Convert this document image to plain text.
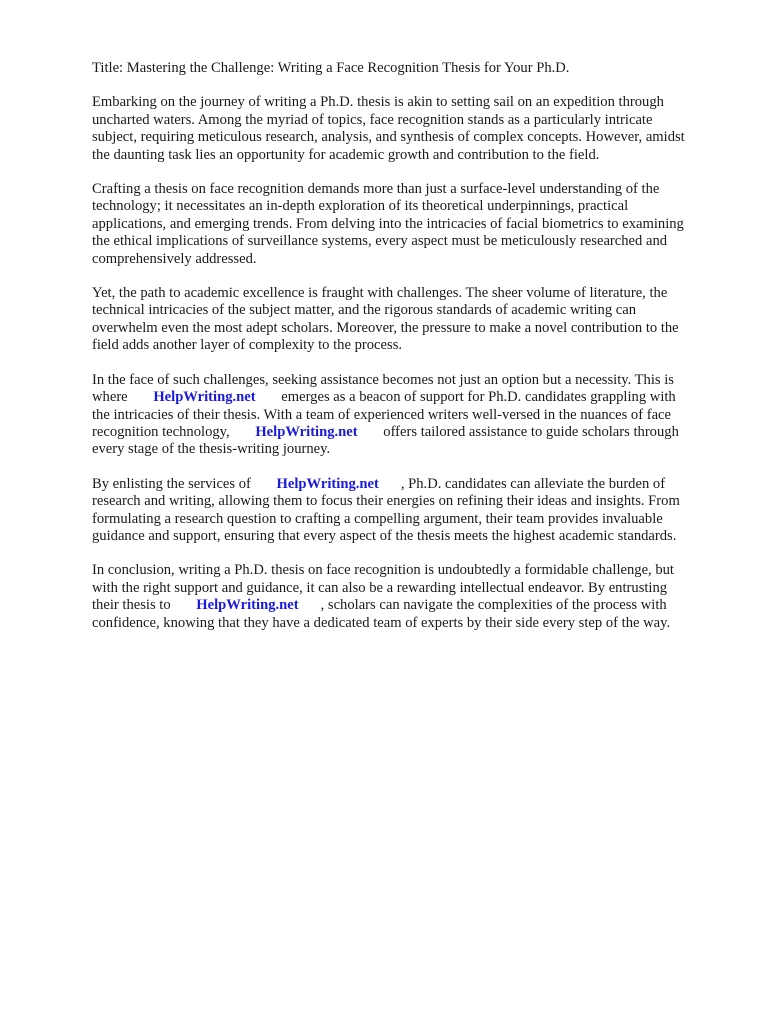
Title: Mastering the Challenge: Writing a Face Recognition Thesis for Your Ph.D.
Embarking on the journey of writing a Ph.D. thesis is akin to setting sail on an expedition through
uncharted waters. Among the myriad of topics, face recognition stands as a particularly intricate
subject, requiring meticulous research, analysis, and synthesis of complex concepts. However, amidst
the daunting task lies an opportunity for academic growth and contribution to the field.
Crafting a thesis on face recognition demands more than just a surface-level understanding of the
technology; it necessitates an in-depth exploration of its theoretical underpinnings, practical
applications, and emerging trends. From delving into the intricacies of facial biometrics to examining
the ethical implications of surveillance systems, every aspect must be meticulously researched and
comprehensively addressed.
Yet, the path to academic excellence is fraught with challenges. The sheer volume of literature, the
technical intricacies of the subject matter, and the rigorous standards of academic writing can
overwhelm even the most adept scholars. Moreover, the pressure to make a novel contribution to the
field adds another layer of complexity to the process.
In the face of such challenges, seeking assistance becomes not just an option but a necessity. This is
where HelpWriting.net emerges as a beacon of support for Ph.D. candidates grappling with
the intricacies of their thesis. With a team of experienced writers well-versed in the nuances of face
recognition technology, HelpWriting.net offers tailored assistance to guide scholars through
every stage of the thesis-writing journey.
By enlisting the services of HelpWriting.net , Ph.D. candidates can alleviate the burden of
research and writing, allowing them to focus their energies on refining their ideas and insights. From
formulating a research question to crafting a compelling argument, their team provides invaluable
guidance and support, ensuring that every aspect of the thesis meets the highest academic standards.
In conclusion, writing a Ph.D. thesis on face recognition is undoubtedly a formidable challenge, but
with the right support and guidance, it can also be a rewarding intellectual endeavor. By entrusting
their thesis to HelpWriting.net , scholars can navigate the complexities of the process with
confidence, knowing that they have a dedicated team of experts by their side every step of the way.
